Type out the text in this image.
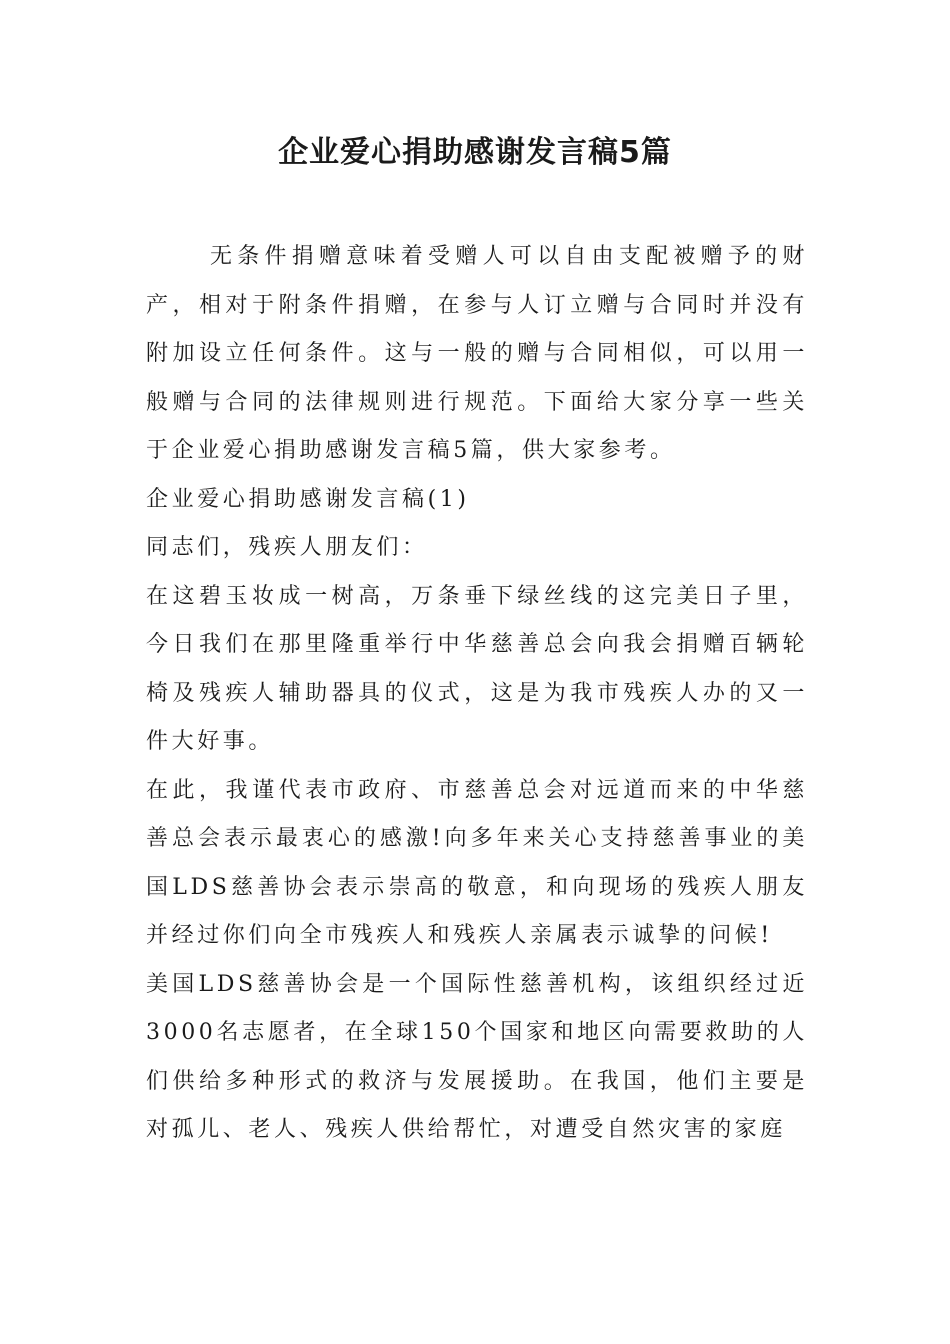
企业爱心捐助感谢发言稿5篇

无条件捐赠意味着受赠人可以自由支配被赠予的财产，相对于附条件捐赠，在参与人订立赠与合同时并没有附加设立任何条件。这与一般的赠与合同相似，可以用一般赠与合同的法律规则进行规范。下面给大家分享一些关于企业爱心捐助感谢发言稿5篇，供大家参考。

企业爱心捐助感谢发言稿(1)

同志们，残疾人朋友们：

在这碧玉妆成一树高，万条垂下绿丝线的这完美日子里，今日我们在那里隆重举行中华慈善总会向我会捐赠百辆轮椅及残疾人辅助器具的仪式，这是为我市残疾人办的又一件大好事。

在此，我谨代表市政府、市慈善总会对远道而来的中华慈善总会表示最衷心的感激!向多年来关心支持慈善事业的美国LDS慈善协会表示崇高的敬意，和向现场的残疾人朋友并经过你们向全市残疾人和残疾人亲属表示诚挚的问候!

美国LDS慈善协会是一个国际性慈善机构，该组织经过近3000名志愿者，在全球150个国家和地区向需要救助的人们供给多种形式的救济与发展援助。在我国，他们主要是对孤儿、老人、残疾人供给帮忙，对遭受自然灾害的家庭
